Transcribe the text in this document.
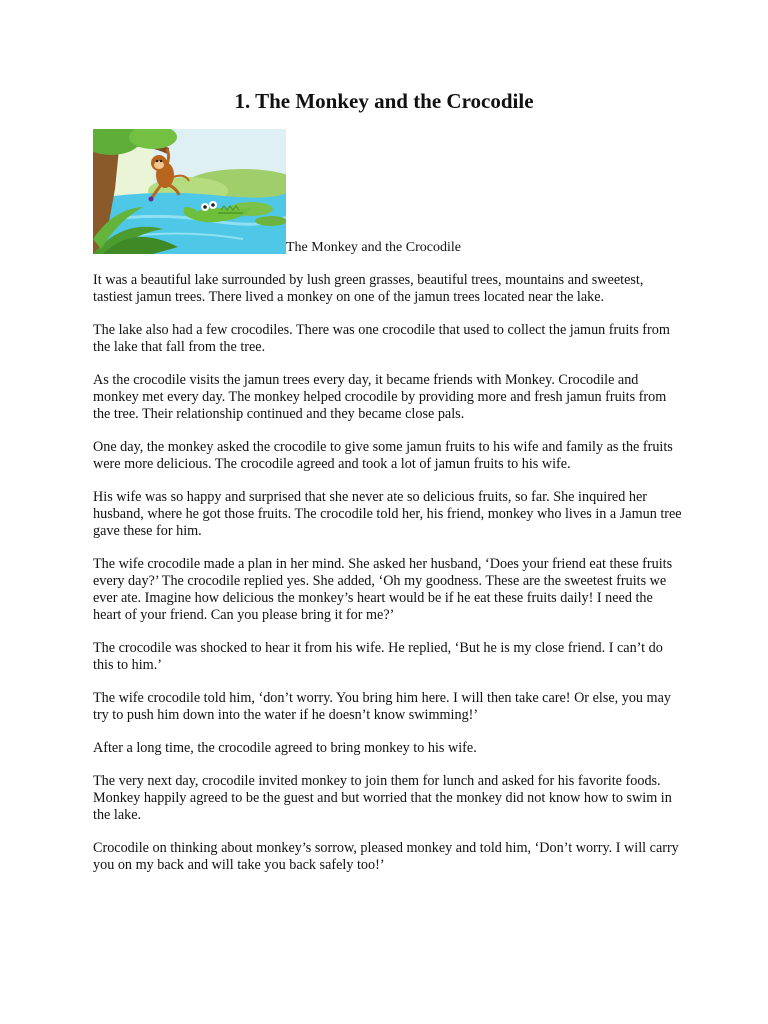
1. The Monkey and the Crocodile
The Monkey and the Crocodile

It was a beautiful lake surrounded by lush green grasses, beautiful trees, mountains and sweetest, tastiest jamun trees. There lived a monkey on one of the jamun trees located near the lake.

The lake also had a few crocodiles. There was one crocodile that used to collect the jamun fruits from the lake that fall from the tree.

As the crocodile visits the jamun trees every day, it became friends with Monkey. Crocodile and monkey met every day. The monkey helped crocodile by providing more and fresh jamun fruits from the tree. Their relationship continued and they became close pals.

One day, the monkey asked the crocodile to give some jamun fruits to his wife and family as the fruits were more delicious. The crocodile agreed and took a lot of jamun fruits to his wife.

His wife was so happy and surprised that she never ate so delicious fruits, so far. She inquired her husband, where he got those fruits. The crocodile told her, his friend, monkey who lives in a Jamun tree gave these for him.

The wife crocodile made a plan in her mind. She asked her husband, ‘Does your friend eat these fruits every day?’ The crocodile replied yes. She added, ‘Oh my goodness. These are the sweetest fruits we ever ate. Imagine how delicious the monkey’s heart would be if he eat these fruits daily! I need the heart of your friend. Can you please bring it for me?’

The crocodile was shocked to hear it from his wife. He replied, ‘But he is my close friend. I can’t do this to him.’

The wife crocodile told him, ‘don’t worry. You bring him here. I will then take care! Or else, you may try to push him down into the water if he doesn’t know swimming!’

After a long time, the crocodile agreed to bring monkey to his wife.

The very next day, crocodile invited monkey to join them for lunch and asked for his favorite foods. Monkey happily agreed to be the guest and but worried that the monkey did not know how to swim in the lake.

Crocodile on thinking about monkey’s sorrow, pleased monkey and told him, ‘Don’t worry. I will carry you on my back and will take you back safely too!’
